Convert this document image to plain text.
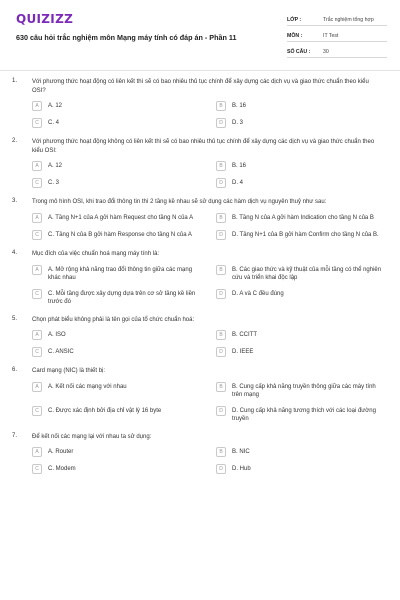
QUIZIZZ
630 câu hỏi trắc nghiệm môn Mạng máy tính có đáp án - Phần 11
LỚP :	Trắc nghiệm tổng hợp
MÔN :	IT Test
SỐ CÂU :	30
1. Với phương thức hoạt động có liên kết thì sẽ có bao nhiêu thủ tục chính để xây dựng các dịch vụ và giao thức chuẩn theo kiểu OSI?
A	A. 12	B	B. 16
C	C. 4	D	D. 3
2. Với phương thức hoạt động không có liên kết thì sẽ có bao nhiêu thủ tục chính để xây dựng các dịch vụ và giao thức chuẩn theo kiểu OSI:
A	A. 12	B	B. 16
C	C. 3	D	D. 4
3. Trong mô hình OSI, khi trao đổi thông tin thì 2 tầng kề nhau sẽ sử dụng các hàm dịch vụ nguyên thuỷ như sau:
A	A. Tầng N+1 của A gởi hàm Request cho tầng N của A	B	B. Tầng N của A gởi hàm Indication cho tầng N của B
C	C. Tầng N của B gởi hàm Response cho tầng N của A	D	D. Tầng N+1 của B gởi hàm Confirm cho tầng N của B.
4. Mục đích của việc chuẩn hoá mạng máy tính là:
A	A. Mở rộng khả năng trao đổi thông tin giữa các mạng khác nhau
B	B. Các giao thức và kỹ thuật của mỗi tầng có thể nghiên cứu và triển khai độc lập
C	C. Mỗi tầng được xây dựng dựa trên cơ sở tầng kề liền trước đó
D	D. A và C đều đúng
5. Chọn phát biểu không phải là tên gọi của tổ chức chuẩn hoá:
A	A. ISO	B	B. CCITT
C	C. ANSIC	D	D. IEEE
6. Card mạng (NIC) là thiết bị:
A	A. Kết nối các mạng với nhau	B	B. Cung cấp khả năng truyền thông giữa các máy tính trên mạng
C	C. Được xác định bởi địa chỉ vật lý 16 byte	D	D. Cung cấp khả năng tương thích với các loại đường truyền
7. Để kết nối các mạng lại với nhau ta sử dụng:
A	A. Router	B	B. NIC
C	C. Modem	D	D. Hub
